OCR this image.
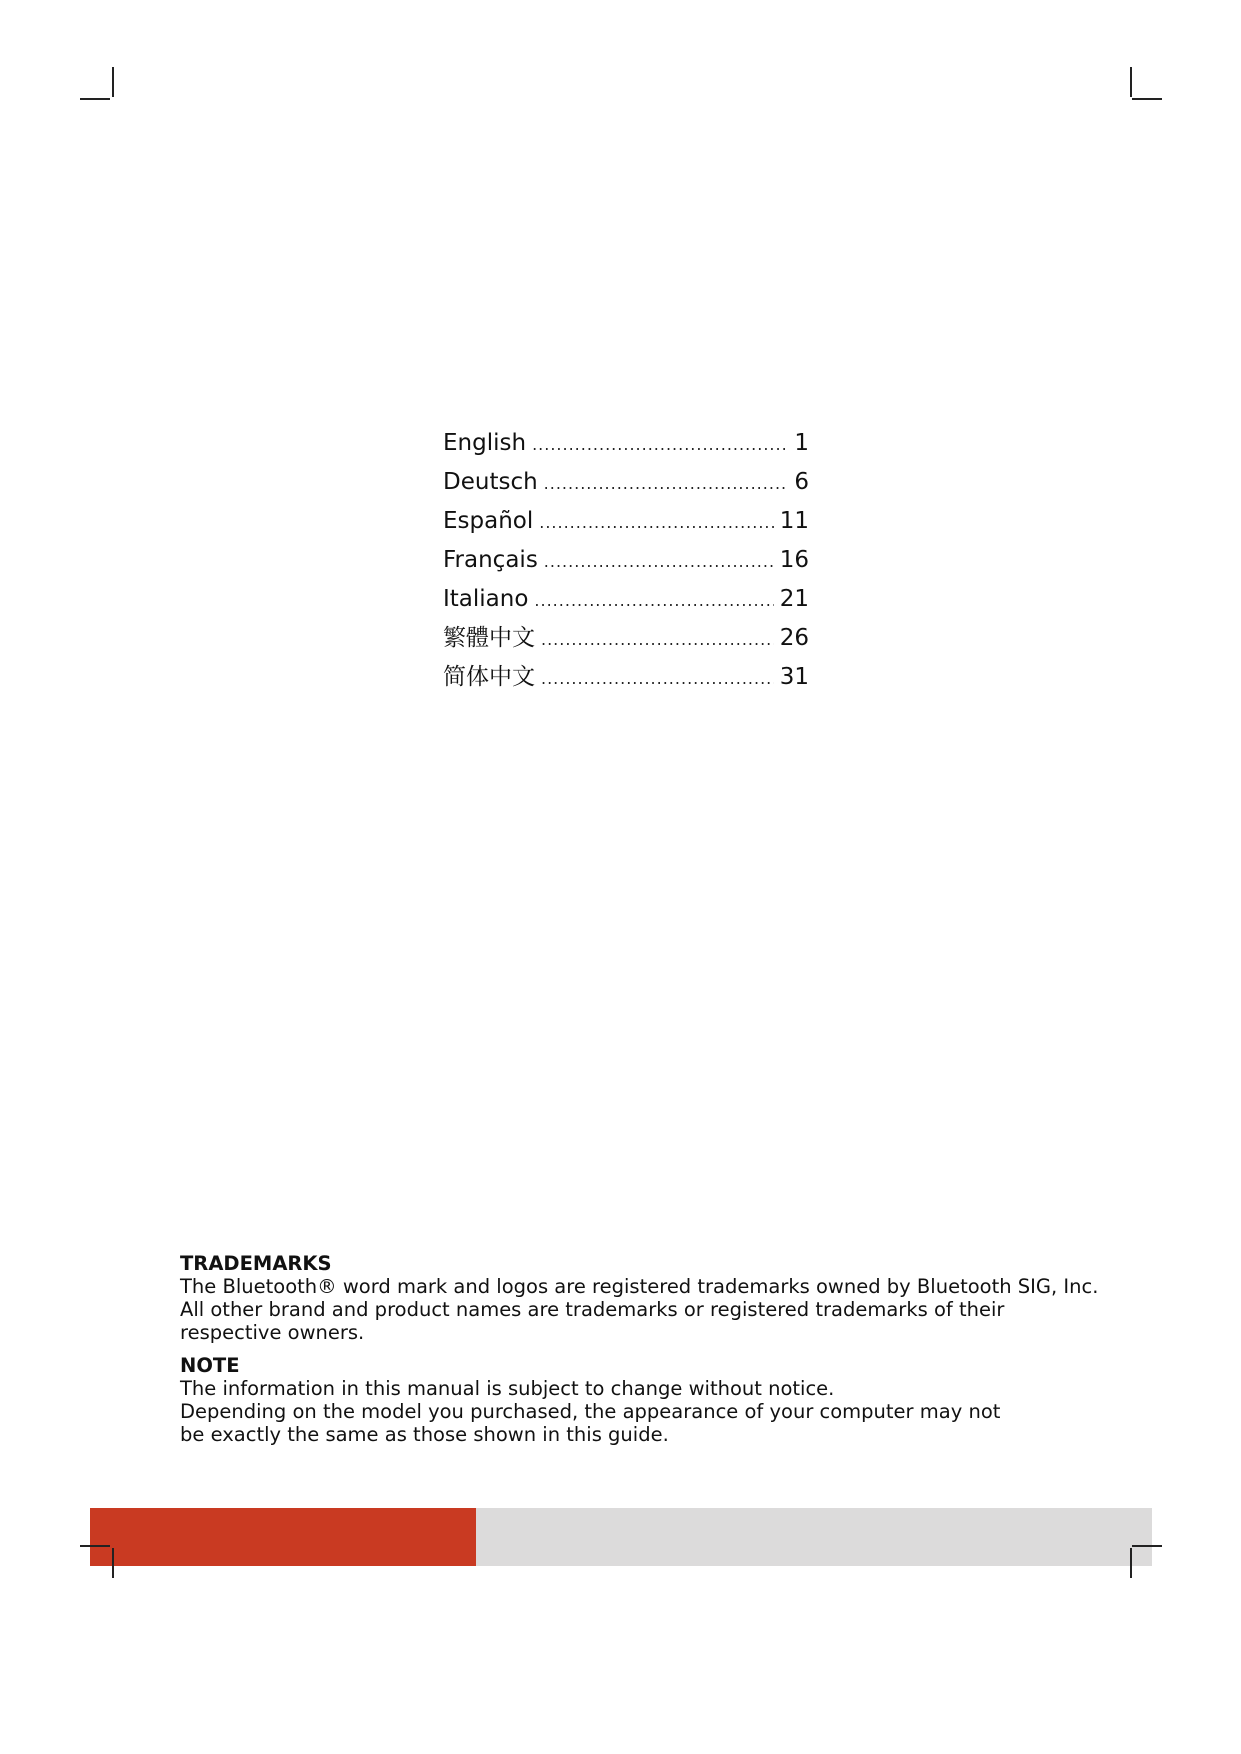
English .....	1
Deutsch .....	6
Español .....	11
Français .....	16
Italiano .....	21
繁體中文 .....	26
简体中文 .....	31
TRADEMARKS

The Bluetooth® word mark and logos are registered trademarks owned by Bluetooth SIG, Inc.

All other brand and product names are trademarks or registered trademarks of their respective owners.

NOTE

The information in this manual is subject to change without notice.

Depending on the model you purchased, the appearance of your computer may not be exactly the same as those shown in this guide.
